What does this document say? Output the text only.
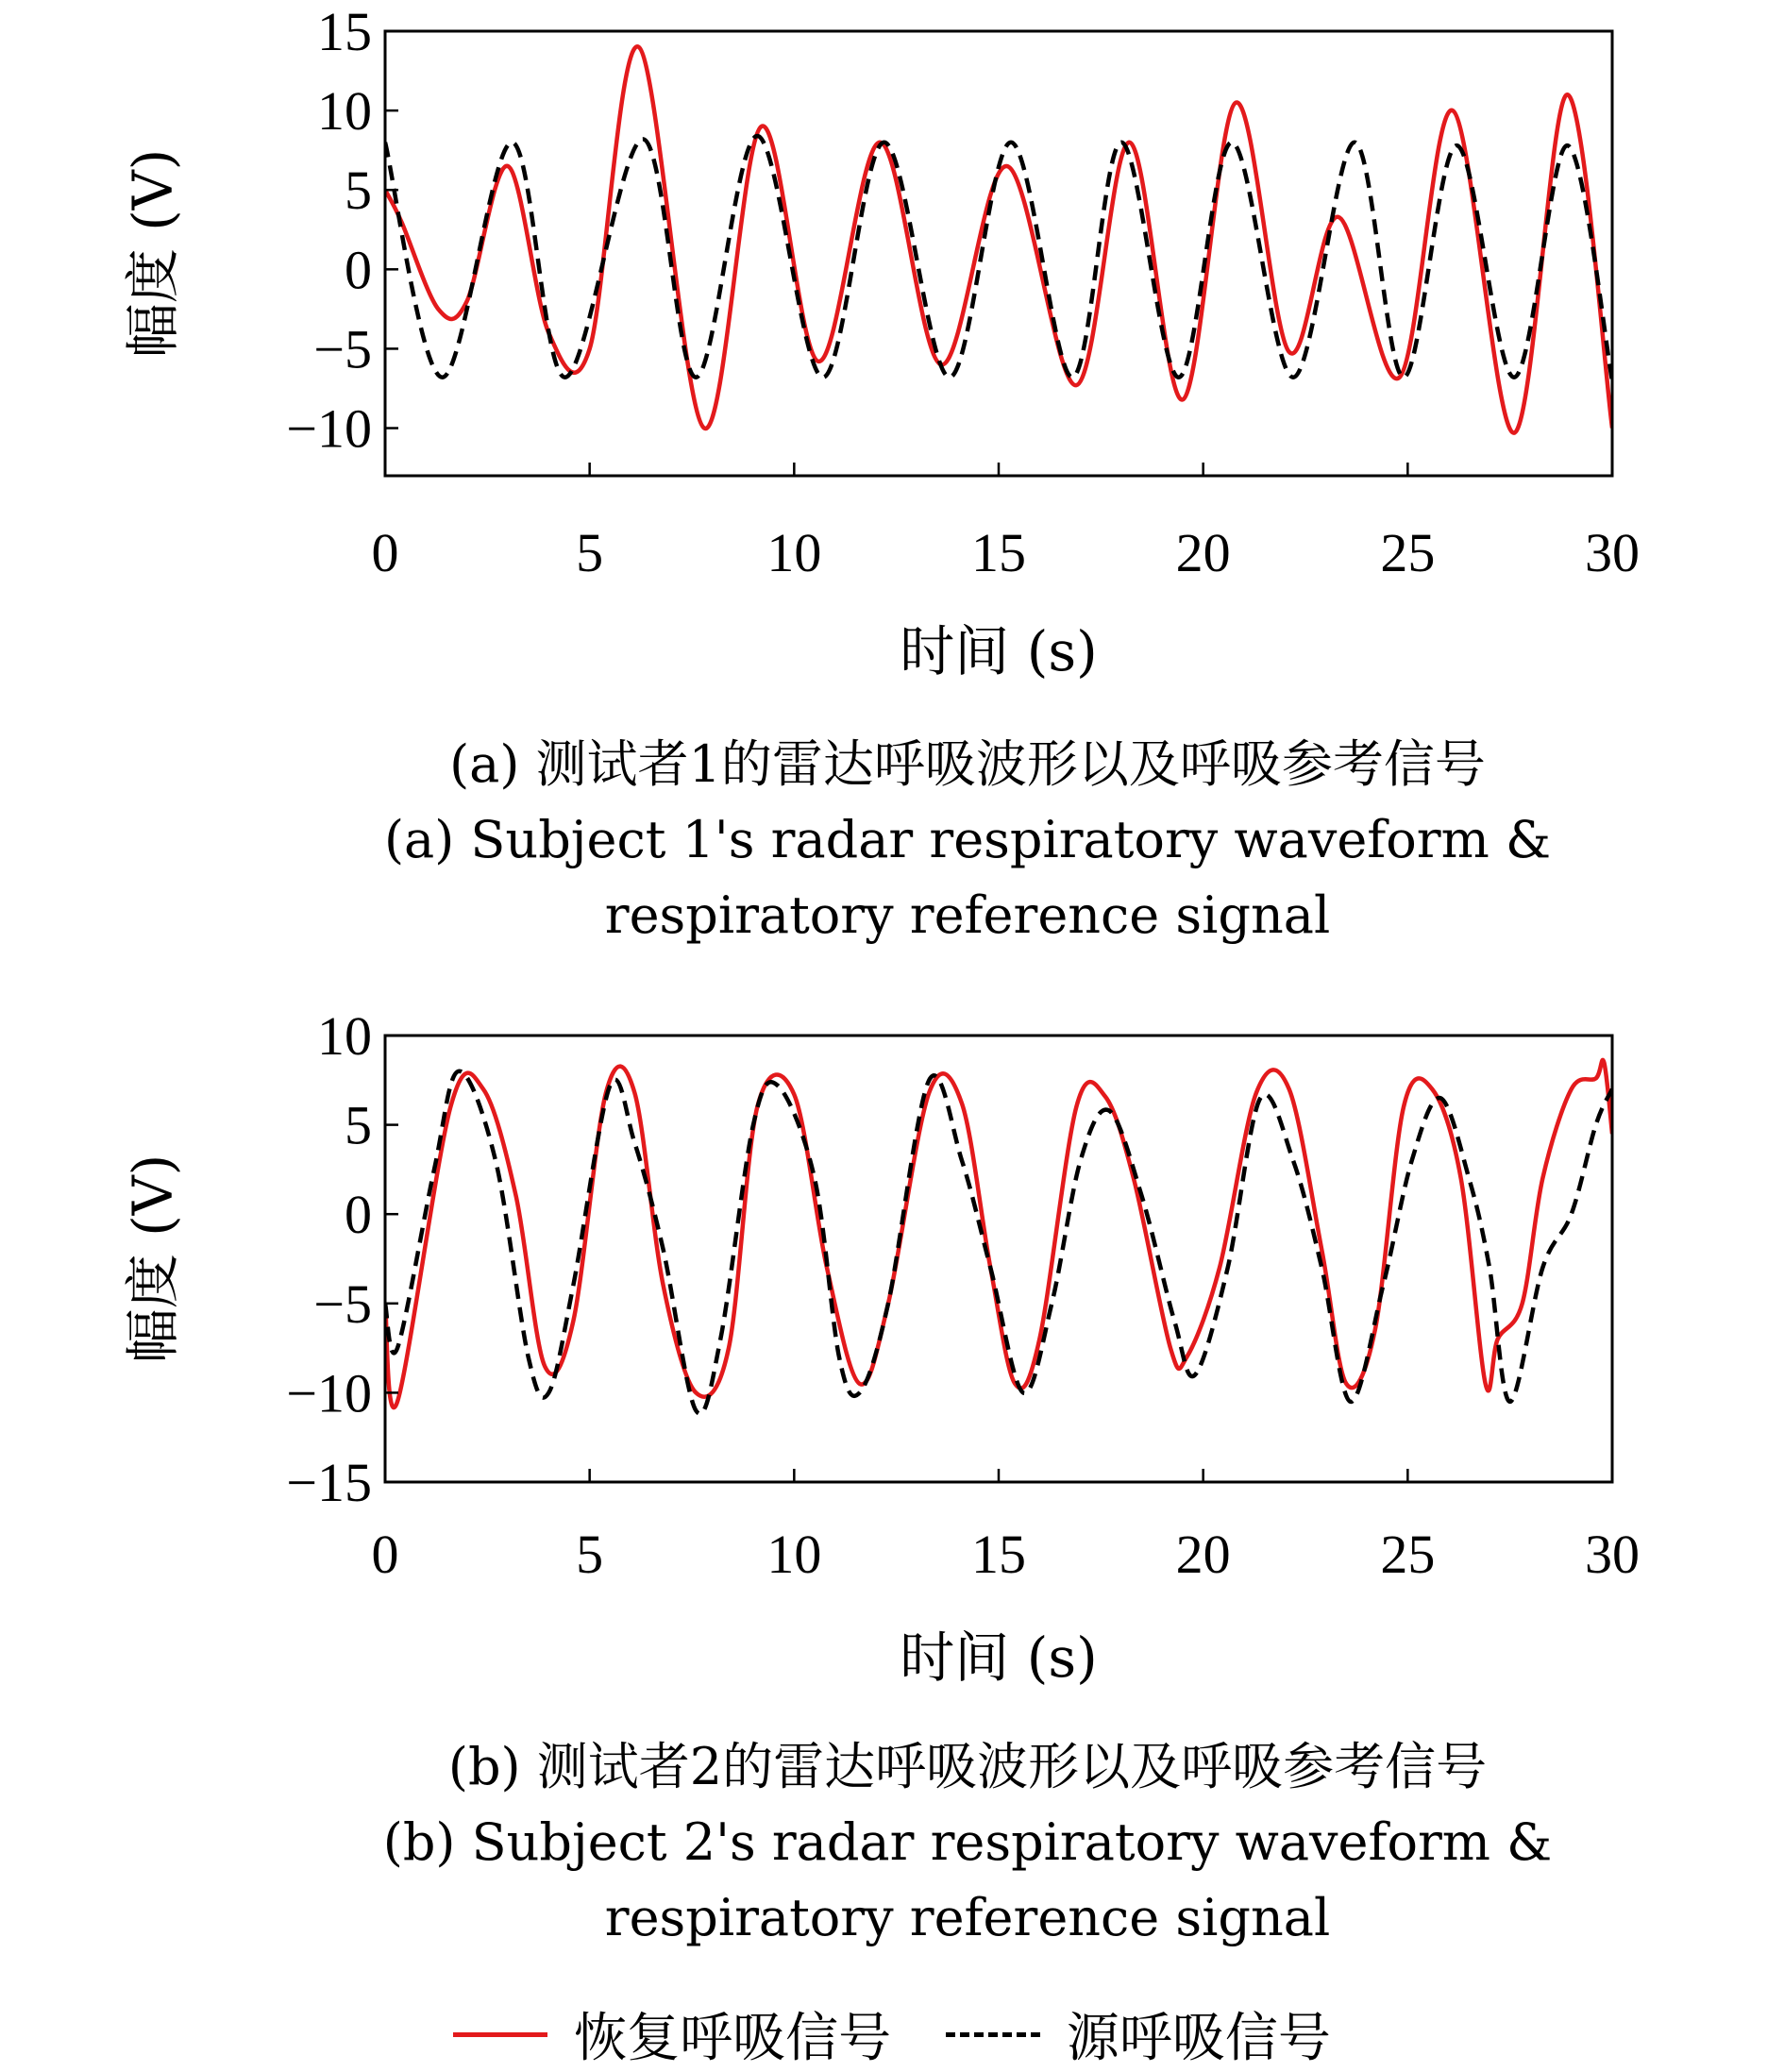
0	5	10	15	20	25	30
−10
−5
0
5
10
15
时间 (s)
幅度 (V)
0	5	10	15	20	25	30
−15
−10
−5
0
5
10
时间 (s)
幅度 (V)
(a) 测试者1的雷达呼吸波形以及呼吸参考信号
(a) Subject 1's radar respiratory waveform &
respiratory reference signal
(b) 测试者2的雷达呼吸波形以及呼吸参考信号
(b) Subject 2's radar respiratory waveform &
respiratory reference signal
恢复呼吸信号	源呼吸信号
